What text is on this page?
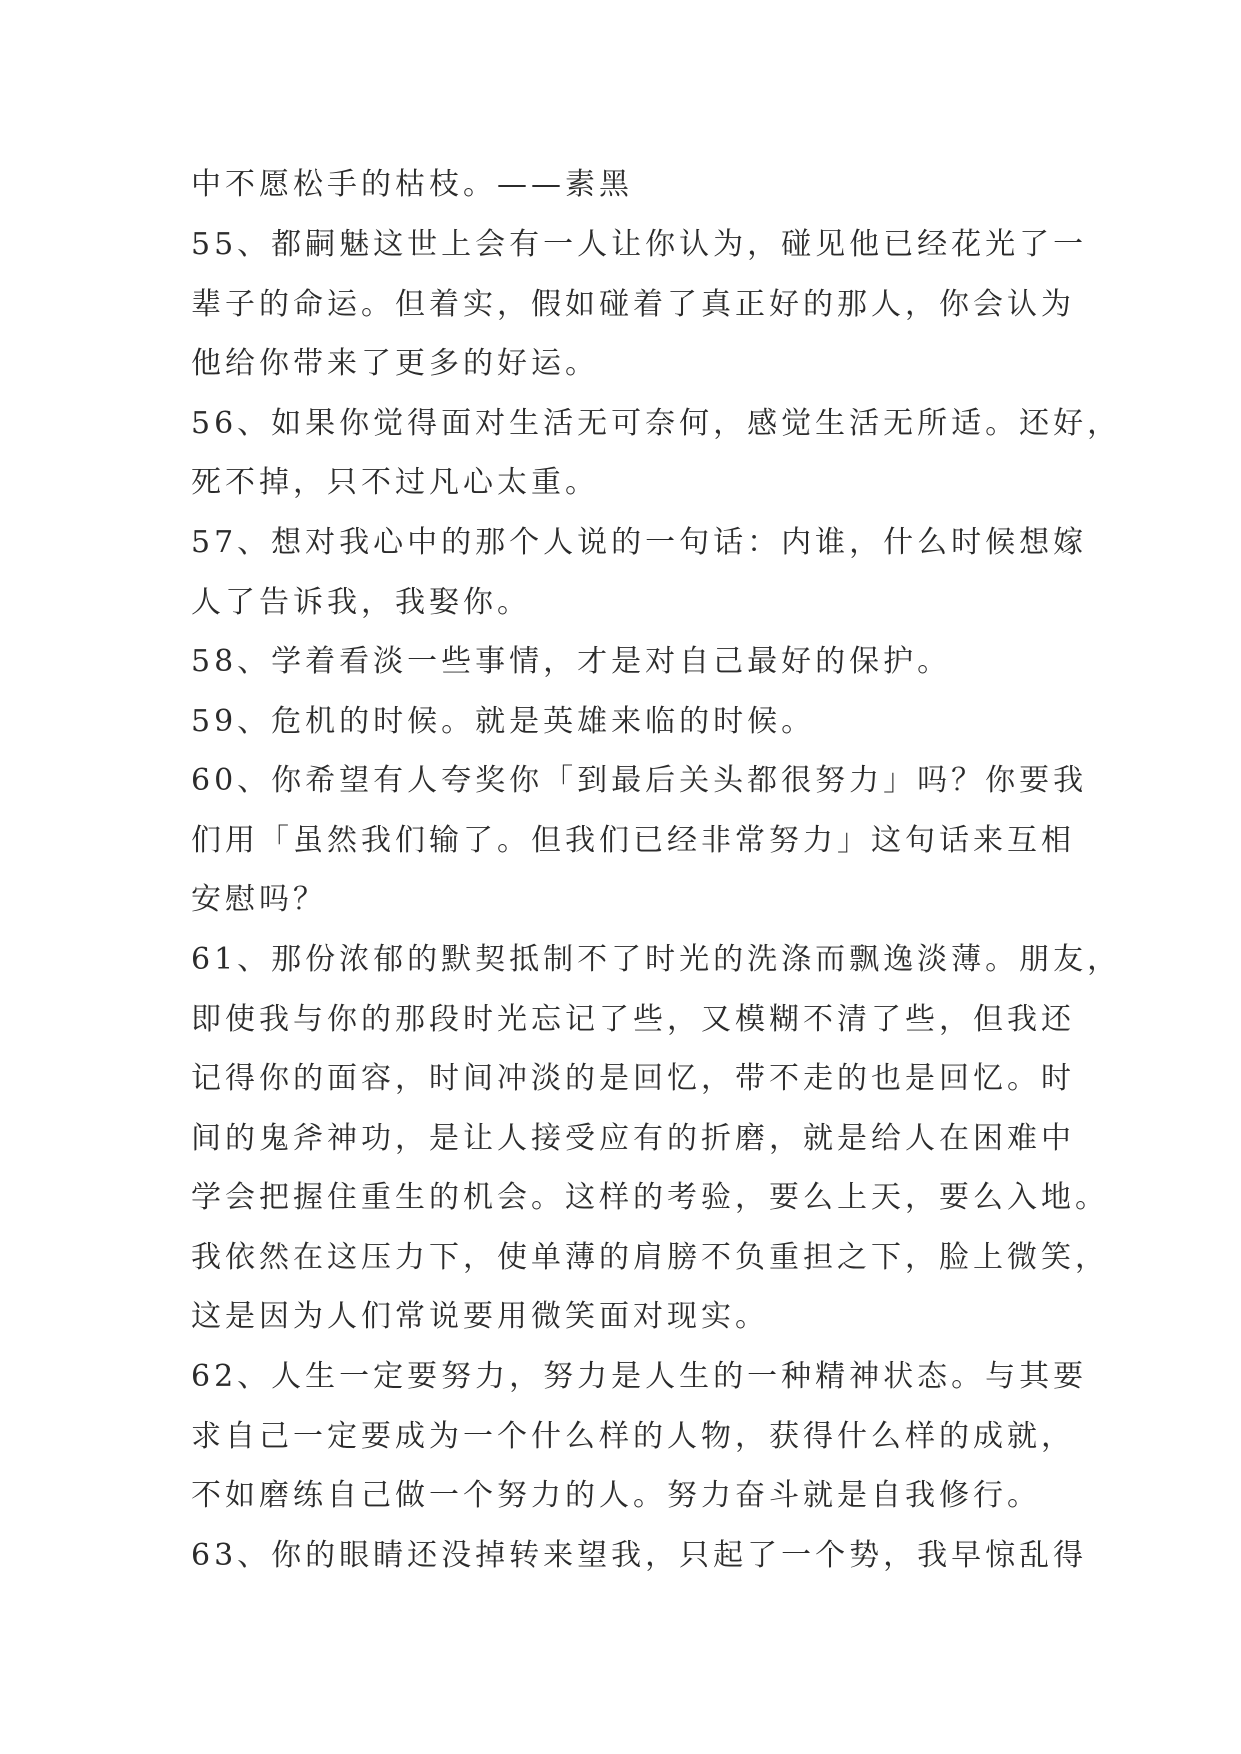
中不愿松手的枯枝。——素黑
55、都嗣魅这世上会有一人让你认为，碰见他已经花光了一
辈子的命运。但着实，假如碰着了真正好的那人，你会认为
他给你带来了更多的好运。
56、如果你觉得面对生活无可奈何，感觉生活无所适。还好，
死不掉，只不过凡心太重。
57、想对我心中的那个人说的一句话：内谁，什么时候想嫁
人了告诉我，我娶你。
58、学着看淡一些事情，才是对自己最好的保护。
59、危机的时候。就是英雄来临的时候。
60、你希望有人夸奖你「到最后关头都很努力」吗？你要我
们用「虽然我们输了。但我们已经非常努力」这句话来互相
安慰吗？
61、那份浓郁的默契抵制不了时光的洗涤而飘逸淡薄。朋友，
即使我与你的那段时光忘记了些，又模糊不清了些，但我还
记得你的面容，时间冲淡的是回忆，带不走的也是回忆。时
间的鬼斧神功，是让人接受应有的折磨，就是给人在困难中
学会把握住重生的机会。这样的考验，要么上天，要么入地。
我依然在这压力下，使单薄的肩膀不负重担之下，脸上微笑，
这是因为人们常说要用微笑面对现实。
62、人生一定要努力，努力是人生的一种精神状态。与其要
求自己一定要成为一个什么样的人物，获得什么样的成就，
不如磨练自己做一个努力的人。努力奋斗就是自我修行。
63、你的眼睛还没掉转来望我，只起了一个势，我早惊乱得
